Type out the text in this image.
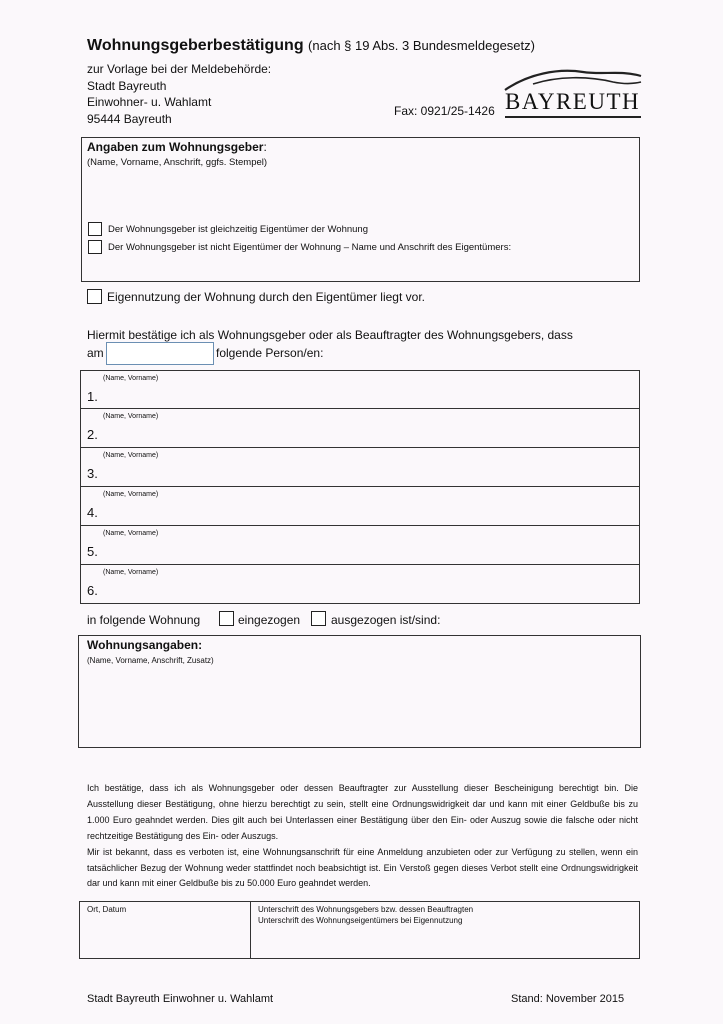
Wohnungsgeberbestätigung (nach § 19 Abs. 3 Bundesmeldegesetz)
zur Vorlage bei der Meldebehörde:
Stadt Bayreuth
Einwohner- u. Wahlamt
95444 Bayreuth
Fax: 0921/25-1426 BAYREUTH
Angaben zum Wohnungsgeber:
(Name, Vorname, Anschrift, ggfs. Stempel)
Der Wohnungsgeber ist gleichzeitig Eigentümer der Wohnung
Der Wohnungsgeber ist nicht Eigentümer der Wohnung – Name und Anschrift des Eigentümers:
Eigennutzung der Wohnung durch den Eigentümer liegt vor.
Hiermit bestätige ich als Wohnungsgeber oder als Beauftragter des Wohnungsgebers, dass
am	folgende Person/en:
(Name, Vorname)
1.
(Name, Vorname)
2.
(Name, Vorname)
3.
(Name, Vorname)
4.
(Name, Vorname)
5.
(Name, Vorname)
6.
in folgende Wohnung	eingezogen	ausgezogen ist/sind:
Wohnungsangaben:
(Name, Vorname, Anschrift, Zusatz)

Ich bestätige, dass ich als Wohnungsgeber oder dessen Beauftragter zur Ausstellung dieser Bescheinigung berechtigt bin. Die Ausstellung dieser Bestätigung, ohne hierzu berechtigt zu sein, stellt eine Ordnungswidrigkeit dar und kann mit einer Geldbuße bis zu 1.000 Euro geahndet werden. Dies gilt auch bei Unterlassen einer Bestätigung über den Ein- oder Auszug sowie die falsche oder nicht rechtzeitige Bestätigung des Ein- oder Auszugs.

Mir ist bekannt, dass es verboten ist, eine Wohnungsanschrift für eine Anmeldung anzubieten oder zur Verfügung zu stellen, wenn ein tatsächlicher Bezug der Wohnung weder stattfindet noch beabsichtigt ist. Ein Verstoß gegen dieses Verbot stellt eine Ordnungswidrigkeit dar und kann mit einer Geldbuße bis zu 50.000 Euro geahndet werden.

Ort, Datum	Unterschrift des Wohnungsgebers bzw. dessen Beauftragten
Unterschrift des Wohnungseigentümers bei Eigennutzung
Stadt Bayreuth Einwohner u. Wahlamt	Stand: November 2015
